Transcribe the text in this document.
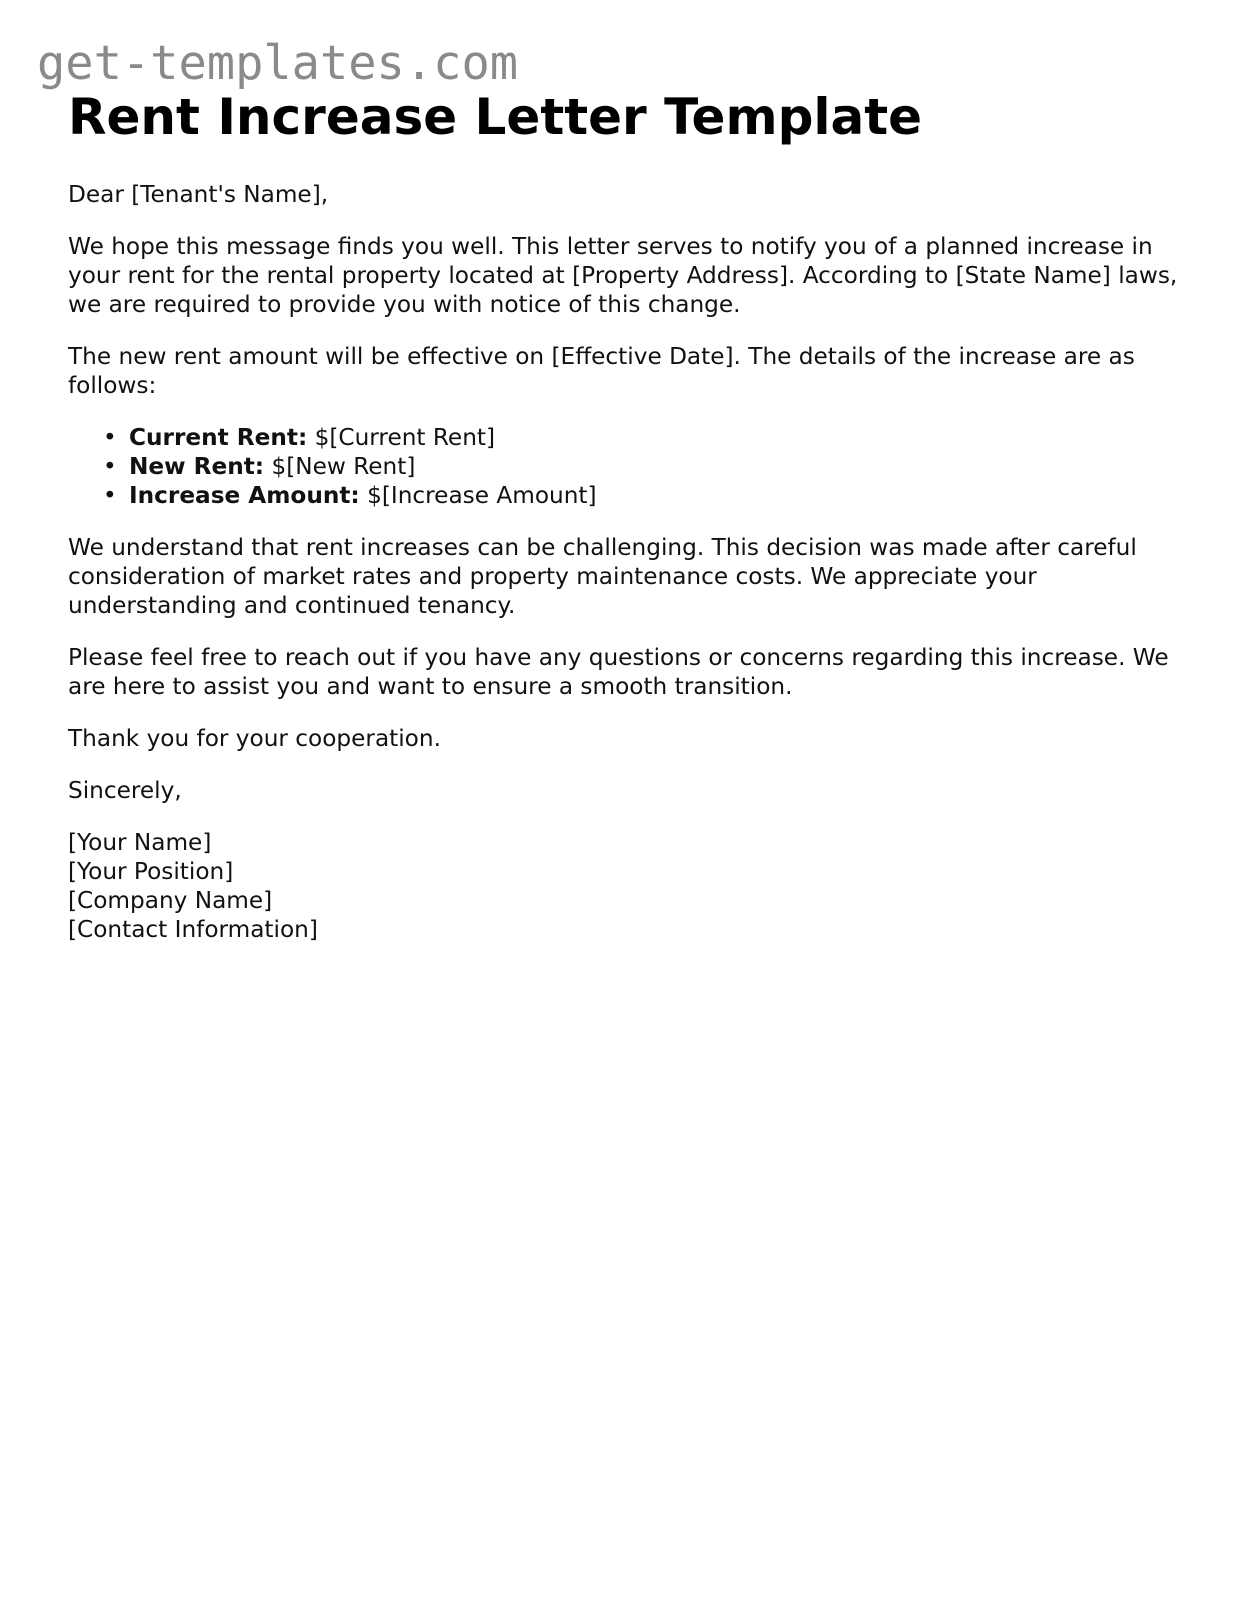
get-templates.com
Rent Increase Letter Template

Dear [Tenant's Name],

We hope this message finds you well. This letter serves to notify you of a planned increase in your rent for the rental property located at [Property Address]. According to [State Name] laws, we are required to provide you with notice of this change.

The new rent amount will be effective on [Effective Date]. The details of the increase are as follows:

• Current Rent: $[Current Rent]
• New Rent: $[New Rent]
• Increase Amount: $[Increase Amount]

We understand that rent increases can be challenging. This decision was made after careful consideration of market rates and property maintenance costs. We appreciate your understanding and continued tenancy.

Please feel free to reach out if you have any questions or concerns regarding this increase. We are here to assist you and want to ensure a smooth transition.

Thank you for your cooperation.

Sincerely,

[Your Name]
[Your Position]
[Company Name]
[Contact Information]
